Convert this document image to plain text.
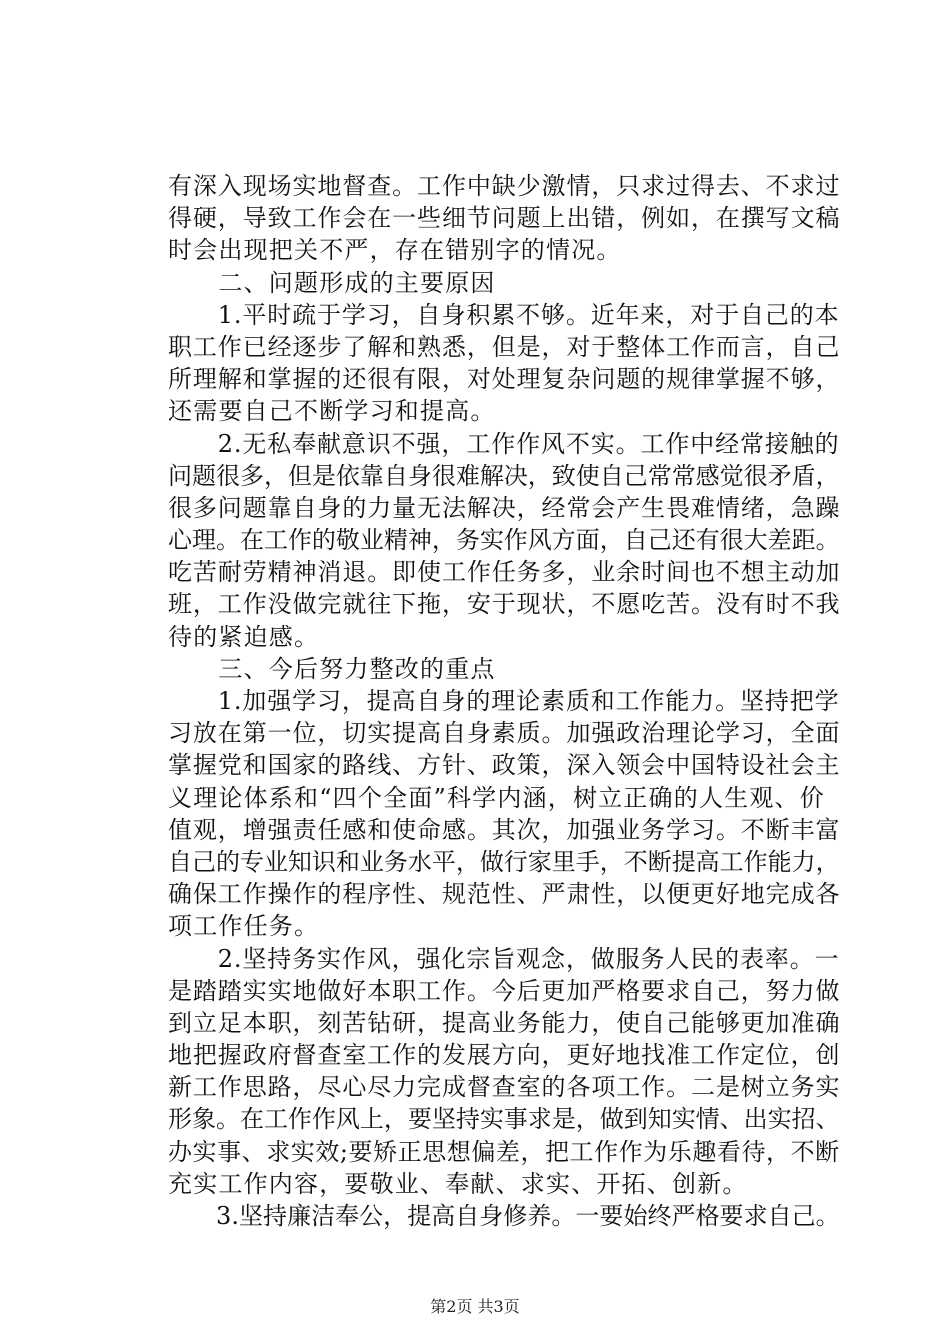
有深入现场实地督查。工作中缺少激情，只求过得去、不求过
得硬，导致工作会在一些细节问题上出错，例如，在撰写文稿
时会出现把关不严，存在错别字的情况。
　　二、问题形成的主要原因
　　1.平时疏于学习，自身积累不够。近年来，对于自己的本
职工作已经逐步了解和熟悉，但是，对于整体工作而言，自己
所理解和掌握的还很有限，对处理复杂问题的规律掌握不够，
还需要自己不断学习和提高。
　　2.无私奉献意识不强，工作作风不实。工作中经常接触的
问题很多，但是依靠自身很难解决，致使自己常常感觉很矛盾，
很多问题靠自身的力量无法解决，经常会产生畏难情绪，急躁
心理。在工作的敬业精神，务实作风方面，自己还有很大差距。
吃苦耐劳精神消退。即使工作任务多，业余时间也不想主动加
班，工作没做完就往下拖，安于现状，不愿吃苦。没有时不我
待的紧迫感。
　　三、今后努力整改的重点
　　1.加强学习，提高自身的理论素质和工作能力。坚持把学
习放在第一位，切实提高自身素质。加强政治理论学习，全面
掌握党和国家的路线、方针、政策，深入领会中国特设社会主
义理论体系和“四个全面”科学内涵，树立正确的人生观、价
值观，增强责任感和使命感。其次，加强业务学习。不断丰富
自己的专业知识和业务水平，做行家里手，不断提高工作能力，
确保工作操作的程序性、规范性、严肃性，以便更好地完成各
项工作任务。
　　2.坚持务实作风，强化宗旨观念，做服务人民的表率。一
是踏踏实实地做好本职工作。今后更加严格要求自己，努力做
到立足本职，刻苦钻研，提高业务能力，使自己能够更加准确
地把握政府督查室工作的发展方向，更好地找准工作定位，创
新工作思路，尽心尽力完成督查室的各项工作。二是树立务实
形象。在工作作风上，要坚持实事求是，做到知实情、出实招、
办实事、求实效;要矫正思想偏差，把工作作为乐趣看待，不断
充实工作内容，要敬业、奉献、求实、开拓、创新。
　　3.坚持廉洁奉公，提高自身修养。一要始终严格要求自己。
第2页 共3页
